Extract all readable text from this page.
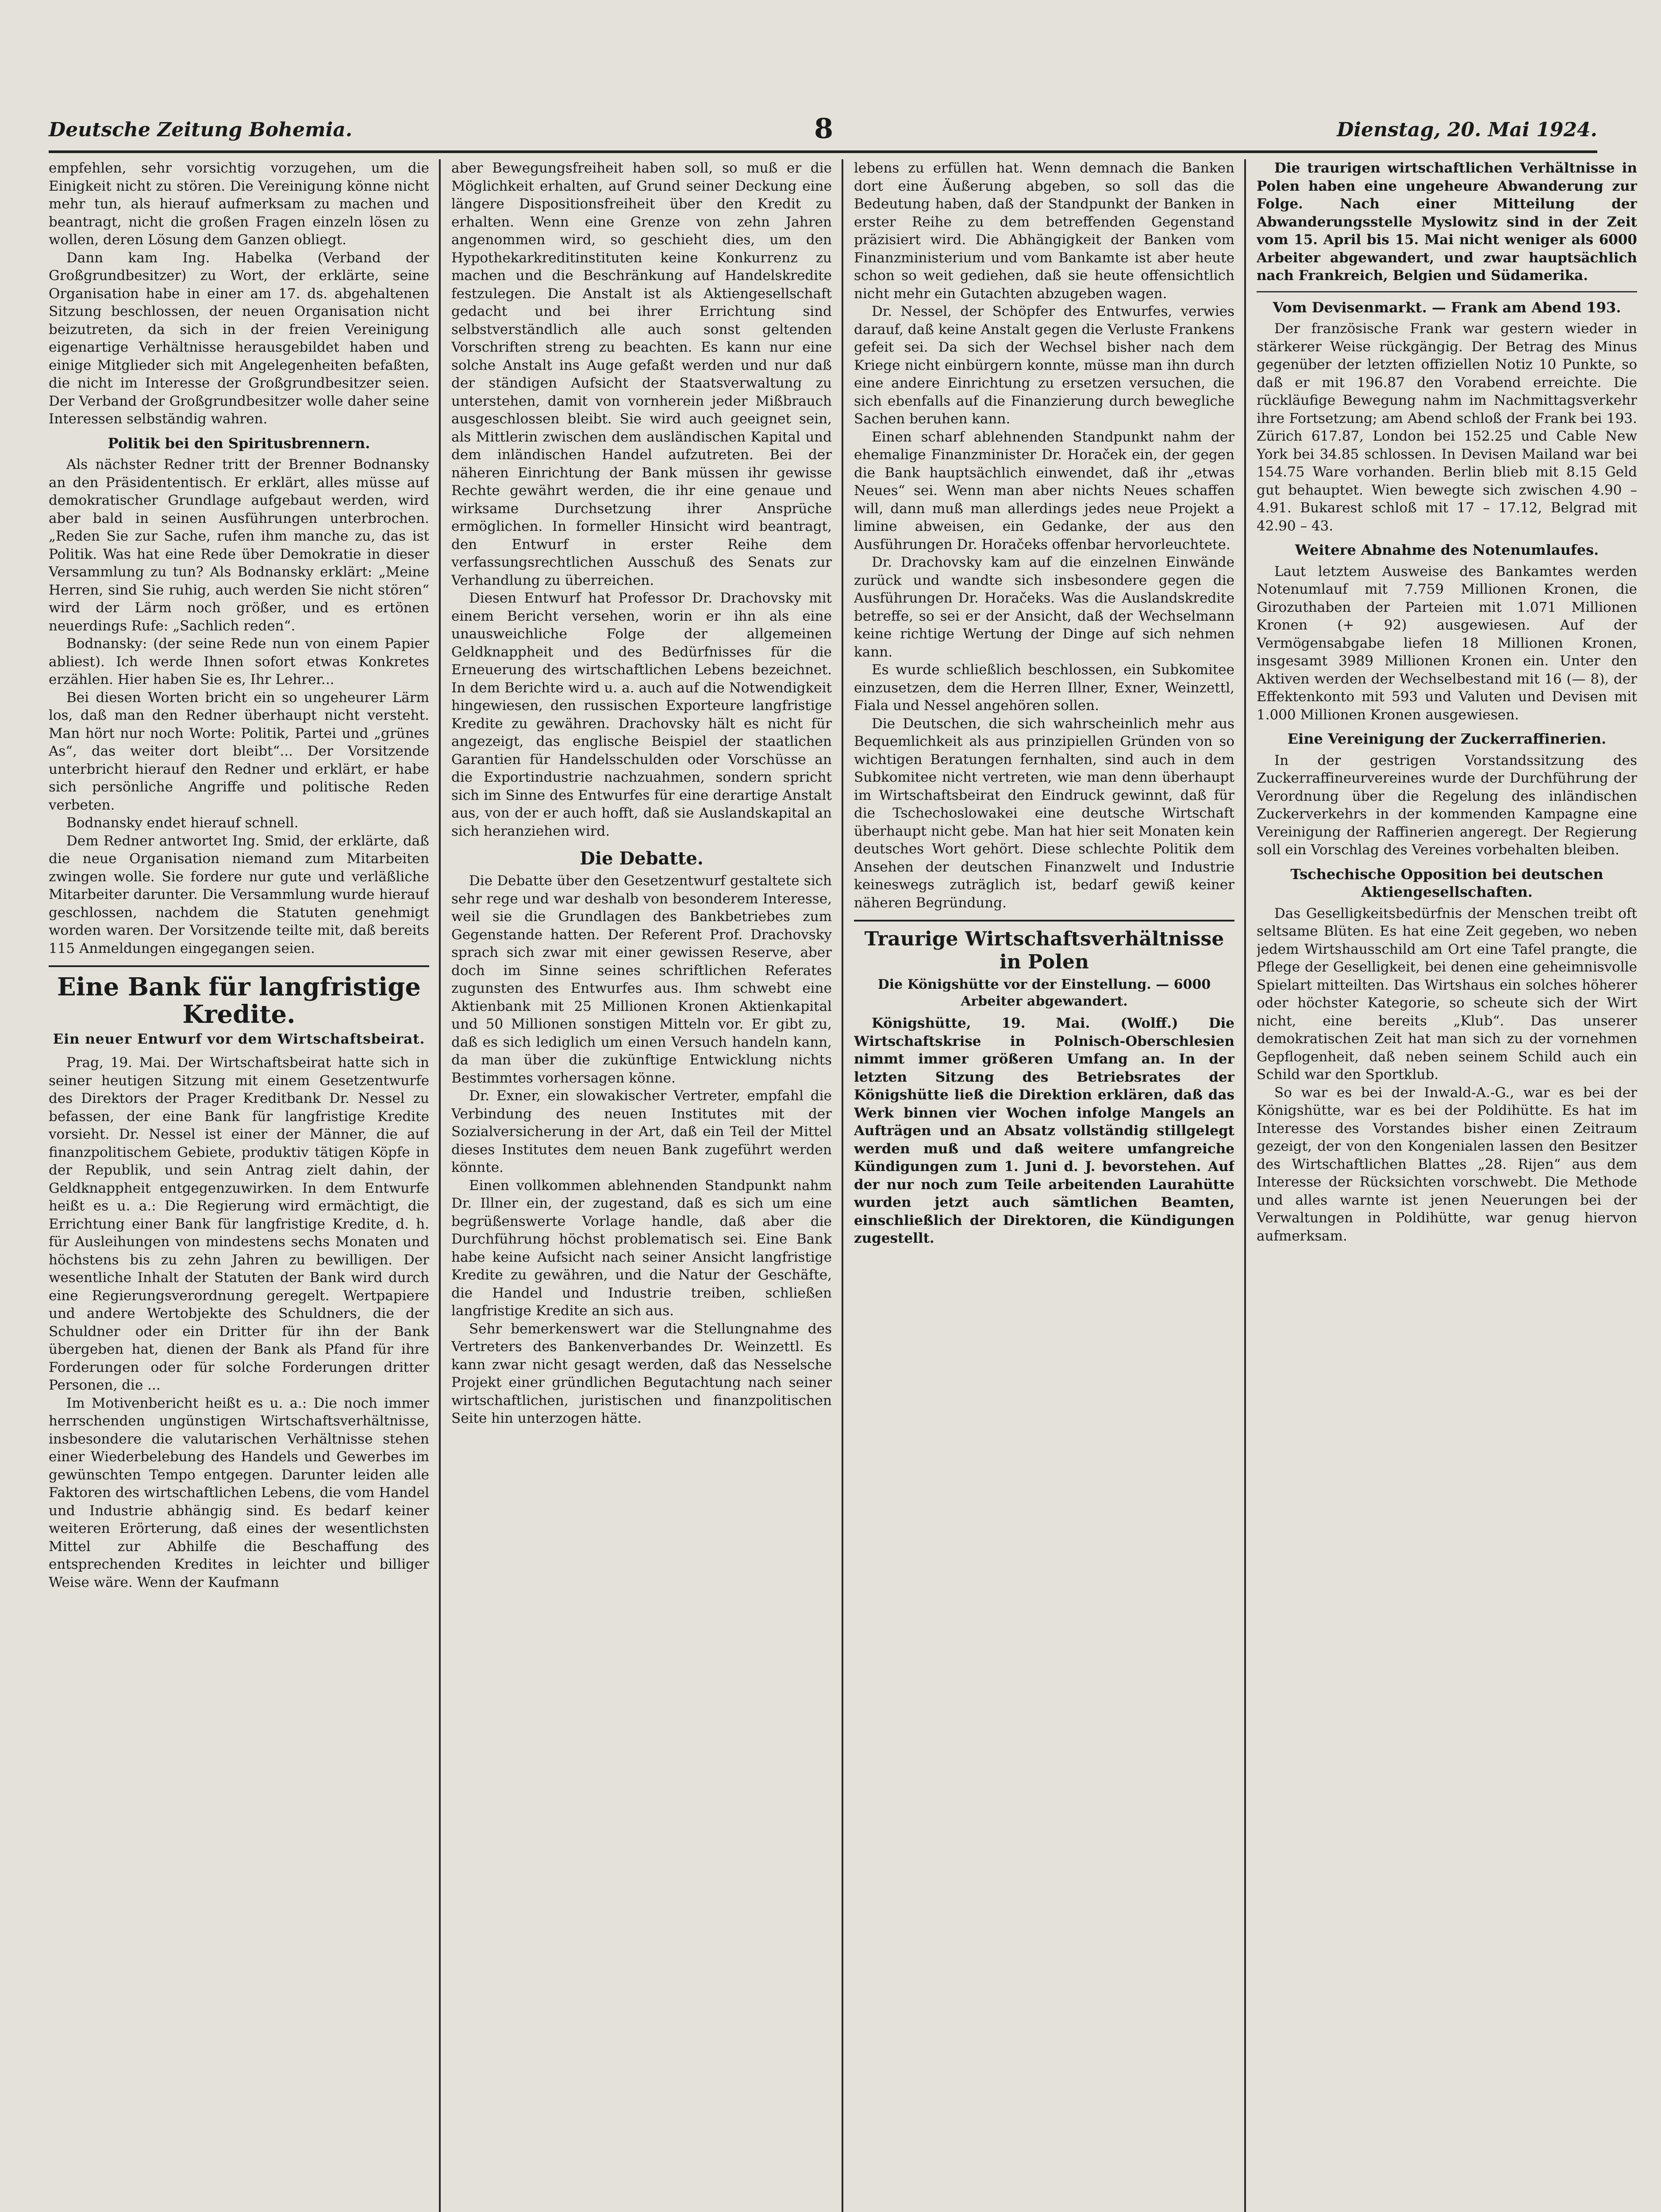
Deutsche Zeitung Bohemia.	8	Dienstag, 20. Mai 1924.

empfehlen, sehr vorsichtig vorzugehen, um die Einigkeit nicht zu stören. Die Vereinigung könne nicht mehr tun, als hierauf aufmerksam zu machen und beantragt, nicht die großen Fragen einzeln lösen zu wollen, deren Lösung dem Ganzen obliegt.

Dann kam Ing. Habelka (Verband der Großgrundbesitzer) zu Wort, der erklärte, seine Organisation habe in einer am 17. ds. abgehaltenen Sitzung beschlossen, der neuen Organisation nicht beizutreten, da sich in der freien Vereinigung eigenartige Verhältnisse herausgebildet haben und einige Mitglieder sich mit Angelegenheiten befaßten, die nicht im Interesse der Großgrundbesitzer seien. Der Verband der Großgrundbesitzer wolle daher seine Interessen selbständig wahren.

Politik bei den Spiritusbrennern.

Als nächster Redner tritt der Brenner Bodnansky an den Präsidententisch. Er erklärt, alles müsse auf demokratischer Grundlage aufgebaut werden, wird aber bald in seinen Ausführungen unterbrochen. „Reden Sie zur Sache, rufen ihm manche zu, das ist Politik. Was hat eine Rede über Demokratie in dieser Versammlung zu tun? Als Bodnansky erklärt: „Meine Herren, sind Sie ruhig, auch werden Sie nicht stören“ wird der Lärm noch größer, und es ertönen neuerdings Rufe: „Sachlich reden“.

Bodnansky: (der seine Rede nun von einem Papier abliest). Ich werde Ihnen sofort etwas Konkretes erzählen. Hier haben Sie es, Ihr Lehrer...

Bei diesen Worten bricht ein so ungeheurer Lärm los, daß man den Redner überhaupt nicht versteht. Man hört nur noch Worte: Politik, Partei und „grünes As“, das weiter dort bleibt“... Der Vorsitzende unterbricht hierauf den Redner und erklärt, er habe sich persönliche Angriffe und politische Reden verbeten.

Bodnansky endet hierauf schnell.

Dem Redner antwortet Ing. Smid, der erklärte, daß die neue Organisation niemand zum Mitarbeiten zwingen wolle. Sie fordere nur gute und verläßliche Mitarbeiter darunter. Die Versammlung wurde hierauf geschlossen, nachdem die Statuten genehmigt worden waren. Der Vorsitzende teilte mit, daß bereits 115 Anmeldungen eingegangen seien.

Eine Bank für langfristige Kredite.
Ein neuer Entwurf vor dem Wirtschaftsbeirat.

Prag, 19. Mai. Der Wirtschaftsbeirat hatte sich in seiner heutigen Sitzung mit einem Gesetzentwurfe des Direktors der Prager Kreditbank Dr. Nessel zu befassen, der eine Bank für langfristige Kredite vorsieht. Dr. Nessel ist einer der Männer, die auf finanzpolitischem Gebiete, produktiv tätigen Köpfe in der Republik, und sein Antrag zielt dahin, der Geldknappheit entgegenzuwirken. In dem Entwurfe heißt es u. a.: Die Regierung wird ermächtigt, die Errichtung einer Bank für langfristige Kredite, d. h. für Ausleihungen von mindestens sechs Monaten und höchstens bis zu zehn Jahren zu bewilligen. Der wesentliche Inhalt der Statuten der Bank wird durch eine Regierungsverordnung geregelt. Wertpapiere und andere Wertobjekte des Schuldners, die der Schuldner oder ein Dritter für ihn der Bank übergeben hat, dienen der Bank als Pfand für ihre Forderungen oder für solche Forderungen dritter Personen, die ...

Im Motivenbericht heißt es u. a.: Die noch immer herrschenden ungünstigen Wirtschaftsverhältnisse, insbesondere die valutarischen Verhältnisse stehen einer Wiederbelebung des Handels und Gewerbes im gewünschten Tempo entgegen. Darunter leiden alle Faktoren des wirtschaftlichen Lebens, die vom Handel und Industrie abhängig sind. Es bedarf keiner weiteren Erörterung, daß eines der wesentlichsten Mittel zur Abhilfe die Beschaffung des entsprechenden Kredites in leichter und billiger Weise wäre. Wenn der Kaufmann

aber Bewegungsfreiheit haben soll, so muß er die Möglichkeit erhalten, auf Grund seiner Deckung eine längere Dispositionsfreiheit über den Kredit zu erhalten. Wenn eine Grenze von zehn Jahren angenommen wird, so geschieht dies, um den Hypothekarkreditinstituten keine Konkurrenz zu machen und die Beschränkung auf Handelskredite festzulegen. Die Anstalt ist als Aktiengesellschaft gedacht und bei ihrer Errichtung sind selbstverständlich alle auch sonst geltenden Vorschriften streng zu beachten. Es kann nur eine solche Anstalt ins Auge gefaßt werden und nur daß der ständigen Aufsicht der Staatsverwaltung zu unterstehen, damit von vornherein jeder Mißbrauch ausgeschlossen bleibt. Sie wird auch geeignet sein, als Mittlerin zwischen dem ausländischen Kapital und dem inländischen Handel aufzutreten. Bei der näheren Einrichtung der Bank müssen ihr gewisse Rechte gewährt werden, die ihr eine genaue und wirksame Durchsetzung ihrer Ansprüche ermöglichen. In formeller Hinsicht wird beantragt, den Entwurf in erster Reihe dem verfassungsrechtlichen Ausschuß des Senats zur Verhandlung zu überreichen.

Diesen Entwurf hat Professor Dr. Drachovsky mit einem Bericht versehen, worin er ihn als eine unausweichliche Folge der allgemeinen Geldknappheit und des Bedürfnisses für die Erneuerung des wirtschaftlichen Lebens bezeichnet. In dem Berichte wird u. a. auch auf die Notwendigkeit hingewiesen, den russischen Exporteure langfristige Kredite zu gewähren. Drachovsky hält es nicht für angezeigt, das englische Beispiel der staatlichen Garantien für Handelsschulden oder Vorschüsse an die Exportindustrie nachzuahmen, sondern spricht sich im Sinne des Entwurfes für eine derartige Anstalt aus, von der er auch hofft, daß sie Auslandskapital an sich heranziehen wird.

Die Debatte.

Die Debatte über den Gesetzentwurf gestaltete sich sehr rege und war deshalb von besonderem Interesse, weil sie die Grundlagen des Bankbetriebes zum Gegenstande hatten. Der Referent Prof. Drachovsky sprach sich zwar mit einer gewissen Reserve, aber doch im Sinne seines schriftlichen Referates zugunsten des Entwurfes aus. Ihm schwebt eine Aktienbank mit 25 Millionen Kronen Aktienkapital und 50 Millionen sonstigen Mitteln vor. Er gibt zu, daß es sich lediglich um einen Versuch handeln kann, da man über die zukünftige Entwicklung nichts Bestimmtes vorhersagen könne.

Dr. Exner, ein slowakischer Vertreter, empfahl die Verbindung des neuen Institutes mit der Sozialversicherung in der Art, daß ein Teil der Mittel dieses Institutes dem neuen Bank zugeführt werden könnte.

Einen vollkommen ablehnenden Standpunkt nahm Dr. Illner ein, der zugestand, daß es sich um eine begrüßenswerte Vorlage handle, daß aber die Durchführung höchst problematisch sei. Eine Bank habe keine Aufsicht nach seiner Ansicht langfristige Kredite zu gewähren, und die Natur der Geschäfte, die Handel und Industrie treiben, schließen langfristige Kredite an sich aus.

Sehr bemerkenswert war die Stellungnahme des Vertreters des Bankenverbandes Dr. Weinzettl. Es kann zwar nicht gesagt werden, daß das Nesselsche Projekt einer gründlichen Begutachtung nach seiner wirtschaftlichen, juristischen und finanzpolitischen Seite hin unterzogen hätte.

lebens zu erfüllen hat. Wenn demnach die Banken dort eine Äußerung abgeben, so soll das die Bedeutung haben, daß der Standpunkt der Banken in erster Reihe zu dem betreffenden Gegenstand präzisiert wird. Die Abhängigkeit der Banken vom Finanzministerium und vom Bankamte ist aber heute schon so weit gediehen, daß sie heute offensichtlich nicht mehr ein Gutachten abzugeben wagen.

Dr. Nessel, der Schöpfer des Entwurfes, verwies darauf, daß keine Anstalt gegen die Verluste Frankens gefeit sei. Da sich der Wechsel bisher nach dem Kriege nicht einbürgern konnte, müsse man ihn durch eine andere Einrichtung zu ersetzen versuchen, die sich ebenfalls auf die Finanzierung durch bewegliche Sachen beruhen kann.

Einen scharf ablehnenden Standpunkt nahm der ehemalige Finanzminister Dr. Horaček ein, der gegen die Bank hauptsächlich einwendet, daß ihr „etwas Neues“ sei. Wenn man aber nichts Neues schaffen will, dann muß man allerdings jedes neue Projekt a limine abweisen, ein Gedanke, der aus den Ausführungen Dr. Horačeks offenbar hervorleuchtete.

Dr. Drachovsky kam auf die einzelnen Einwände zurück und wandte sich insbesondere gegen die Ausführungen Dr. Horačeks. Was die Auslandskredite betreffe, so sei er der Ansicht, daß der Wechselmann keine richtige Wertung der Dinge auf sich nehmen kann.

Es wurde schließlich beschlossen, ein Subkomitee einzusetzen, dem die Herren Illner, Exner, Weinzettl, Fiala und Nessel angehören sollen.

Die Deutschen, die sich wahrscheinlich mehr aus Bequemlichkeit als aus prinzipiellen Gründen von so wichtigen Beratungen fernhalten, sind auch in dem Subkomitee nicht vertreten, wie man denn überhaupt im Wirtschaftsbeirat den Eindruck gewinnt, daß für die Tschechoslowakei eine deutsche Wirtschaft überhaupt nicht gebe. Man hat hier seit Monaten kein deutsches Wort gehört. Diese schlechte Politik dem Ansehen der deutschen Finanzwelt und Industrie keineswegs zuträglich ist, bedarf gewiß keiner näheren Begründung.

Traurige Wirtschaftsverhältnisse in Polen
Die Königshütte vor der Einstellung. — 6000 Arbeiter abgewandert.

Königshütte, 19. Mai. (Wolff.) Die Wirtschaftskrise in Polnisch-Oberschlesien nimmt immer größeren Umfang an. In der letzten Sitzung des Betriebsrates der Königshütte ließ die Direktion erklären, daß das Werk binnen vier Wochen infolge Mangels an Aufträgen und an Absatz vollständig stillgelegt werden muß und daß weitere umfangreiche Kündigungen zum 1. Juni d. J. bevorstehen. Auf der nur noch zum Teile arbeitenden Laurahütte wurden jetzt auch sämtlichen Beamten, einschließlich der Direktoren, die Kündigungen zugestellt.

Die traurigen wirtschaftlichen Verhältnisse in Polen haben eine ungeheure Abwanderung zur Folge. Nach einer Mitteilung der Abwanderungsstelle Myslowitz sind in der Zeit vom 15. April bis 15. Mai nicht weniger als 6000 Arbeiter abgewandert, und zwar hauptsächlich nach Frankreich, Belgien und Südamerika.

Vom Devisenmarkt. — Frank am Abend 193.

Der französische Frank war gestern wieder in stärkerer Weise rückgängig. Der Betrag des Minus gegenüber der letzten offiziellen Notiz 10 Punkte, so daß er mit 196.87 den Vorabend erreichte. Die rückläufige Bewegung nahm im Nachmittagsverkehr ihre Fortsetzung; am Abend schloß der Frank bei 193. Zürich 617.87, London bei 152.25 und Cable New York bei 34.85 schlossen. In Devisen Mailand war bei 154.75 Ware vorhanden. Berlin blieb mit 8.15 Geld gut behauptet. Wien bewegte sich zwischen 4.90 – 4.91. Bukarest schloß mit 17 – 17.12, Belgrad mit 42.90 – 43.

Weitere Abnahme des Notenumlaufes.

Laut letztem Ausweise des Bankamtes werden Notenumlauf mit 7.759 Millionen Kronen, die Girozuthaben der Parteien mit 1.071 Millionen Kronen (+ 92) ausgewiesen. Auf der Vermögensabgabe liefen 18 Millionen Kronen, insgesamt 3989 Millionen Kronen ein. Unter den Aktiven werden der Wechselbestand mit 16 (— 8), der Effektenkonto mit 593 und Valuten und Devisen mit 1.000 Millionen Kronen ausgewiesen.

Eine Vereinigung der Zuckerraffinerien.

In der gestrigen Vorstandssitzung des Zuckerraffineurvereines wurde der Durchführung der Verordnung über die Regelung des inländischen Zuckerverkehrs in der kommenden Kampagne eine Vereinigung der Raffinerien angeregt. Der Regierung soll ein Vorschlag des Vereines vorbehalten bleiben.

Tschechische Opposition bei deutschen Aktiengesellschaften.

Das Geselligkeitsbedürfnis der Menschen treibt oft seltsame Blüten. Es hat eine Zeit gegeben, wo neben jedem Wirtshausschild am Ort eine Tafel prangte, die Pflege der Geselligkeit, bei denen eine geheimnisvolle Spielart mitteilten. Das Wirtshaus ein solches höherer oder höchster Kategorie, so scheute sich der Wirt nicht, eine bereits „Klub“. Das unserer demokratischen Zeit hat man sich zu der vornehmen Gepflogenheit, daß neben seinem Schild auch ein Schild war den Sportklub.

So war es bei der Inwald-A.-G., war es bei der Königshütte, war es bei der Poldihütte. Es hat im Interesse des Vorstandes bisher einen Zeitraum gezeigt, der von den Kongenialen lassen den Besitzer des Wirtschaftlichen Blattes „28. Rijen“ aus dem Interesse der Rücksichten vorschwebt. Die Methode und alles warnte ist jenen Neuerungen bei der Verwaltungen in Poldihütte, war genug hiervon aufmerksam.
